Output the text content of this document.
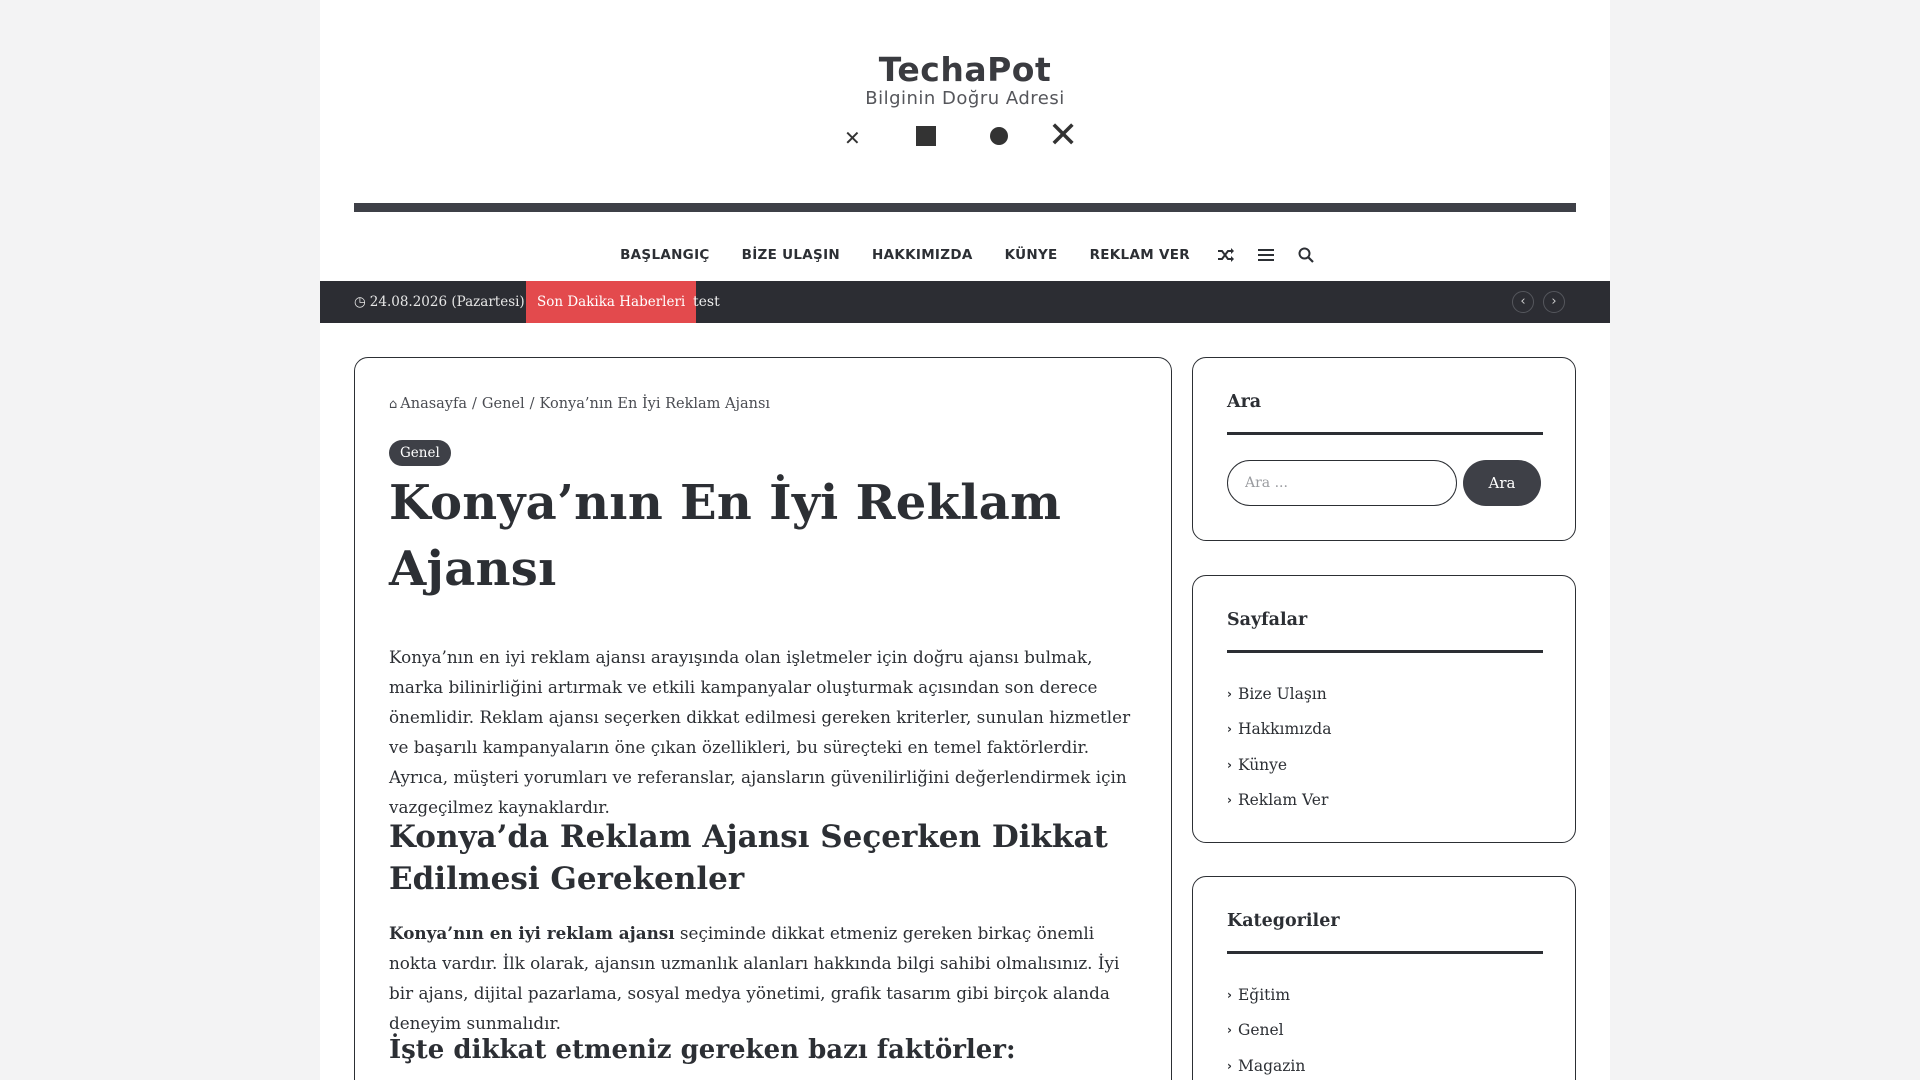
TechaPot
Bilginin Doğru Adresi
✕	✕
BAŞLANGIÇ BİZE ULAŞIN HAKKIMIZDA KÜNYE REKLAM VER
◷ 24.08.2026 (Pazartesi) Son Dakika Haberleri test	‹	›
⌂ Anasayfa / Genel / Konya’nın En İyi Reklam Ajansı
Genel
Konya’nın En İyi Reklam Ajansı

Konya’nın en iyi reklam ajansı arayışında olan işletmeler için doğru ajansı bulmak, marka bilinirliğini artırmak ve etkili kampanyalar oluşturmak açısından son derece önemlidir. Reklam ajansı seçerken dikkat edilmesi gereken kriterler, sunulan hizmetler ve başarılı kampanyaların öne çıkan özellikleri, bu süreçteki en temel faktörlerdir. Ayrıca, müşteri yorumları ve referanslar, ajansların güvenilirliğini değerlendirmek için vazgeçilmez kaynaklardır.

Konya’da Reklam Ajansı Seçerken Dikkat Edilmesi Gerekenler

Konya’nın en iyi reklam ajansı seçiminde dikkat etmeniz gereken birkaç önemli nokta vardır. İlk olarak, ajansın uzmanlık alanları hakkında bilgi sahibi olmalısınız. İyi bir ajans, dijital pazarlama, sosyal medya yönetimi, grafik tasarım gibi birçok alanda deneyim sunmalıdır.

İşte dikkat etmeniz gereken bazı faktörler:
Ara
Ara ...
Ara
Sayfalar
› Bize Ulaşın
› Hakkımızda
› Künye
› Reklam Ver
Kategoriler
› Eğitim
› Genel
› Magazin
